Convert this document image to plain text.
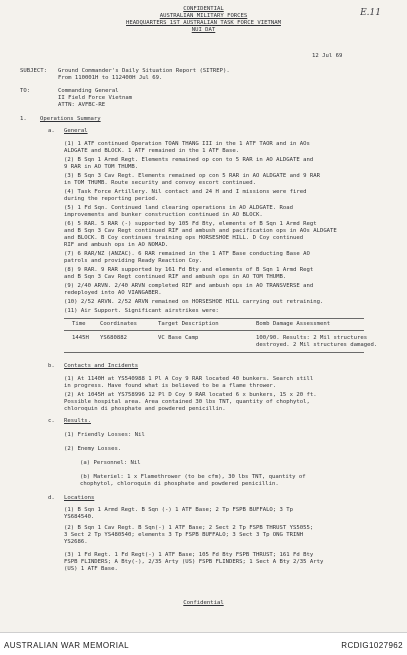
CONFIDENTIAL
AUSTRALIAN MILITARY FORCES
HEADQUARTERS 1ST AUSTRALIAN TASK FORCE VIETNAM
NUI DAT
E.11
12 Jul 69
SUBJECT: Ground Commander's Daily Situation Report (SITREP).
From 110001H to 112400H Jul 69.
TO:	Commanding General
II Field Force Vietnam
ATTN: AVFBC-RE
1. Operations Summary
a. General
(1) 1 ATF continued Operation TOAN THANG III in the 1 ATF TAOR and in AOs
ALDGATE and BLOCK. 1 ATF remained in the 1 ATF Base.
(2) B Sqn 1 Armd Regt. Elements remained op con to 5 RAR in AO ALDGATE and
9 RAR in AO TOM THUMB.
(3) B Sqn 3 Cav Regt. Elements remained op con 5 RAR in AO ALDGATE and 9 RAR
in TOM THUMB. Route security and convoy escort continued.
(4) Task Force Artillery. Nil contact and 24 H and I missions were fired
during the reporting period.
(5) 1 Fd Sqn. Continued land clearing operations in AO ALDGATE. Road
improvements and bunker construction continued in AO BLOCK.
(6) 5 RAR. 5 RAR (-) supported by 105 Fd Bty, elements of B Sqn 1 Armd Regt
and B Sqn 3 Cav Regt continued RIF and ambush and pacification ops in AOs ALDGATE
and BLOCK. B Coy continues training ops HORSESHOE HILL. D Coy continued
RIF and ambush ops in AO NOMAD.
(7) 6 RAR/NZ (ANZAC). 6 RAR remained in the 1 ATF Base conducting Base AO
patrols and providing Ready Reaction Coy.
(8) 9 RAR. 9 RAR supported by 161 Fd Bty and elements of B Sqn 1 Armd Regt
and B Sqn 3 Cav Regt continued RIF and ambush ops in AO TOM THUMB.
(9) 2/40 ARVN. 2/40 ARVN completed RIF and ambush ops in AO TRANSVERSE and
redeployed into AO VIANGABER.
(10) 2/52 ARVN. 2/52 ARVN remained on HORSESHOE HILL carrying out retraining.
(11) Air Support. Significant airstrikes were:
Time	Coordinates	Target Description	Bomb Damage Assessment
1445H YS680882	VC Base Camp	100/90. Results: 2 Mil structures
destroyed. 2 Mil structures damaged.
b. Contacts and Incidents
(1) At 1140H at YS540988 1 Pl A Coy 9 RAR located 40 bunkers. Search still
in progress. Have found what is believed to be a flame thrower.
(2) At 1045H at YS758996 12 Pl D Coy 9 RAR located 6 x bunkers, 15 x 20 ft.
Possible hospital area. Area contained 30 lbs TNT, quantity of chophytol,
chloroquin di phosphate and powdered penicillin.
c. Results.
(1) Friendly Losses: Nil
(2) Enemy Losses.
(a) Personnel: Nil
(b) Materiel: 1 x Flamethrower (to be cfm), 30 lbs TNT, quantity of
chophytol, chloroquin di phosphate and powdered penicillin.
d. Locations
(1) B Sqn 1 Armd Regt. B Sqn (-) 1 ATF Base; 2 Tp FSPB BUFFALO; 3 Tp
YS684540.
(2) B Sqn 1 Cav Regt. B Sqn(-) 1 ATF Base; 2 Sect 2 Tp FSPB THRUST YS5055;
3 Sect 2 Tp YS480540; elements 3 Tp FSPB BUFFALO; 3 Sect 3 Tp ONG TRINH
YS2686.
(3) 1 Fd Regt. 1 Fd Regt(-) 1 ATF Base; 105 Fd Bty FSPB THRUST; 161 Fd Bty
FSPB FLINDERS; A Bty(-), 2/35 Arty (US) FSPB FLINDERS; 1 Sect A Bty 2/35 Arty
(US) 1 ATF Base.
Confidential
AUSTRALIAN WAR MEMORIAL	RCDIG1027962
